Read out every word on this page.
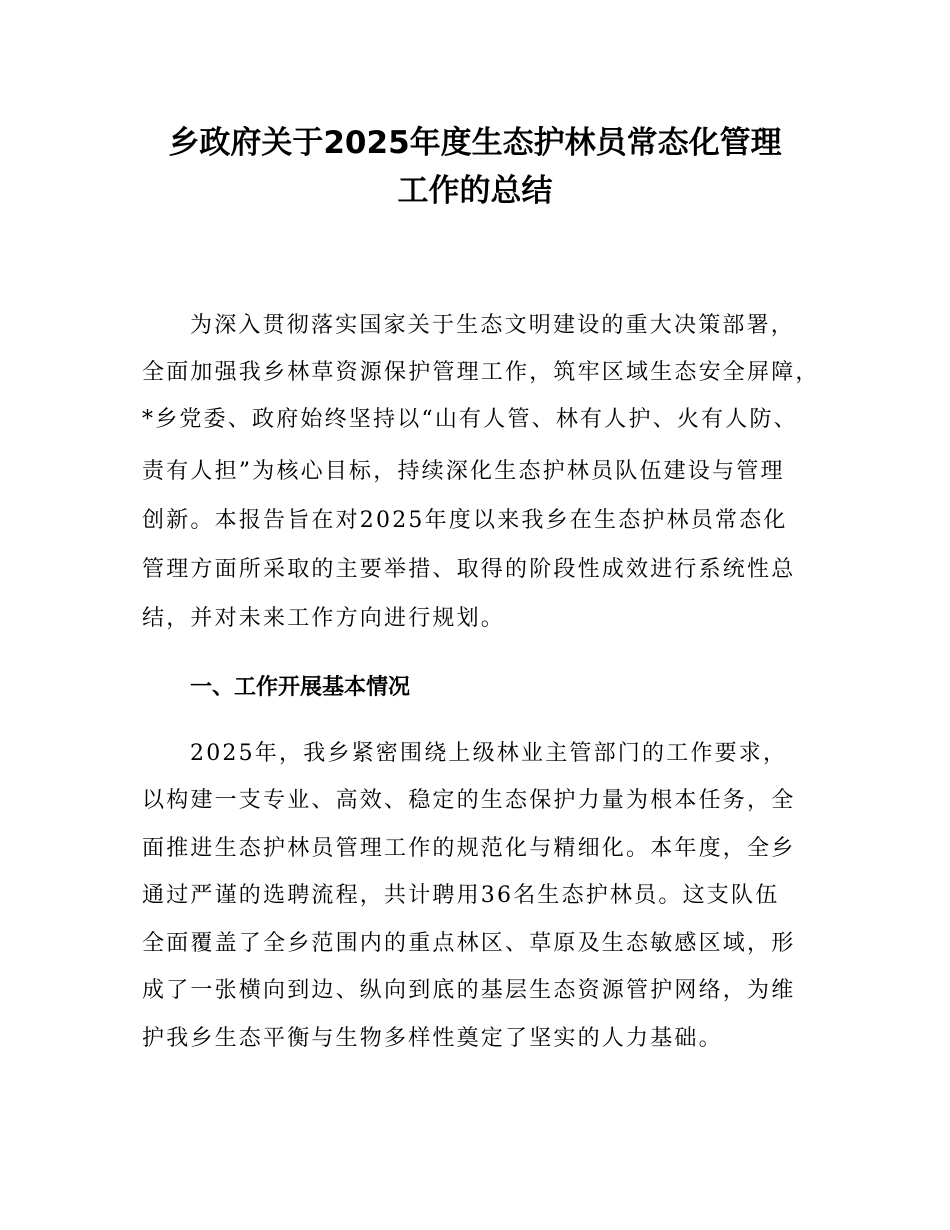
乡政府关于2025年度生态护林员常态化管理
工作的总结
为深入贯彻落实国家关于生态文明建设的重大决策部署，
全面加强我乡林草资源保护管理工作，筑牢区域生态安全屏障，
*乡党委、政府始终坚持以“山有人管、林有人护、火有人防、
责有人担”为核心目标，持续深化生态护林员队伍建设与管理
创新。本报告旨在对2025年度以来我乡在生态护林员常态化
管理方面所采取的主要举措、取得的阶段性成效进行系统性总
结，并对未来工作方向进行规划。
一、工作开展基本情况
2025年，我乡紧密围绕上级林业主管部门的工作要求，
以构建一支专业、高效、稳定的生态保护力量为根本任务，全
面推进生态护林员管理工作的规范化与精细化。本年度，全乡
通过严谨的选聘流程，共计聘用36名生态护林员。这支队伍
全面覆盖了全乡范围内的重点林区、草原及生态敏感区域，形
成了一张横向到边、纵向到底的基层生态资源管护网络，为维
护我乡生态平衡与生物多样性奠定了坚实的人力基础。
